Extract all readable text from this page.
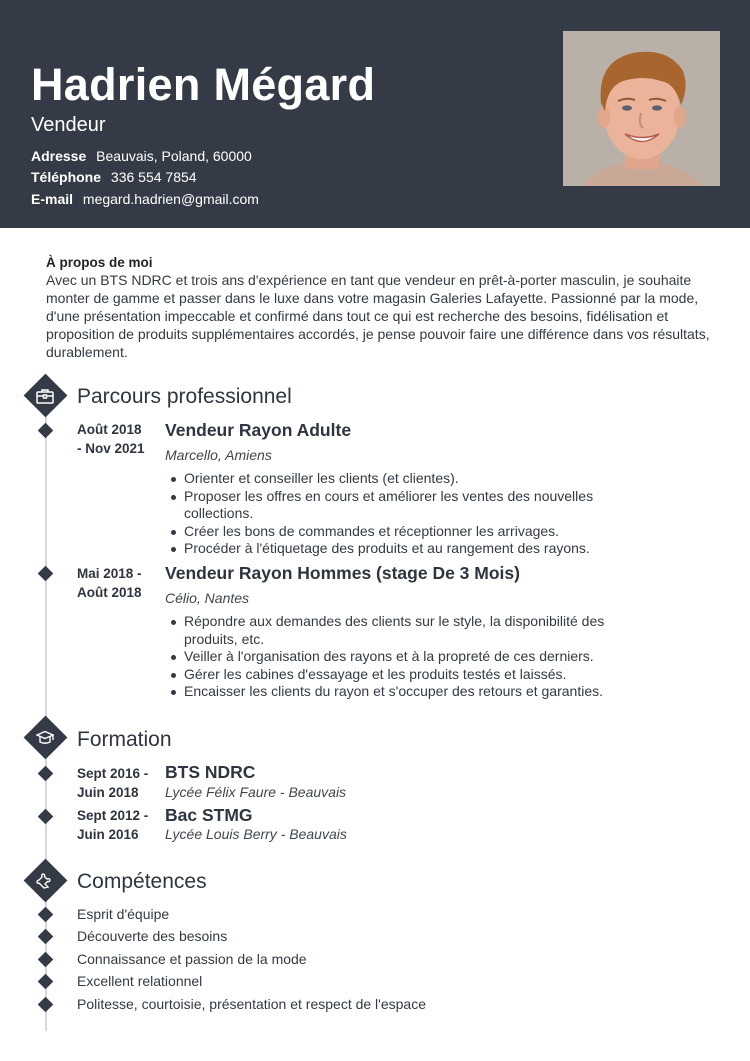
Hadrien Mégard
Vendeur
Adresse Beauvais, Poland, 60000
Téléphone 336 554 7854
E-mail megard.hadrien@gmail.com
À propos de moi
Avec un BTS NDRC et trois ans d'expérience en tant que vendeur en prêt-à-porter masculin, je souhaite monter de gamme et passer dans le luxe dans votre magasin Galeries Lafayette. Passionné par la mode, d'une présentation impeccable et confirmé dans tout ce qui est recherche des besoins, fidélisation et proposition de produits supplémentaires accordés, je pense pouvoir faire une différence dans vos résultats, durablement.
Parcours professionnel
Août 2018
- Nov 2021
Vendeur Rayon Adulte
Marcello, Amiens
Orienter et conseiller les clients (et clientes).
Proposer les offres en cours et améliorer les ventes des nouvelles collections.
Créer les bons de commandes et réceptionner les arrivages.
Procéder à l'étiquetage des produits et au rangement des rayons.
Mai 2018 -
Août 2018
Vendeur Rayon Hommes (stage De 3 Mois)
Célio, Nantes
Répondre aux demandes des clients sur le style, la disponibilité des produits, etc.
Veiller à l'organisation des rayons et à la propreté de ces derniers.
Gérer les cabines d'essayage et les produits testés et laissés.
Encaisser les clients du rayon et s'occuper des retours et garanties.
Formation
Sept 2016 -
Juin 2018
BTS NDRC
Lycée Félix Faure - Beauvais
Sept 2012 -
Juin 2016
Bac STMG
Lycée Louis Berry - Beauvais
Compétences
Esprit d'équipe
Découverte des besoins
Connaissance et passion de la mode
Excellent relationnel
Politesse, courtoisie, présentation et respect de l'espace
